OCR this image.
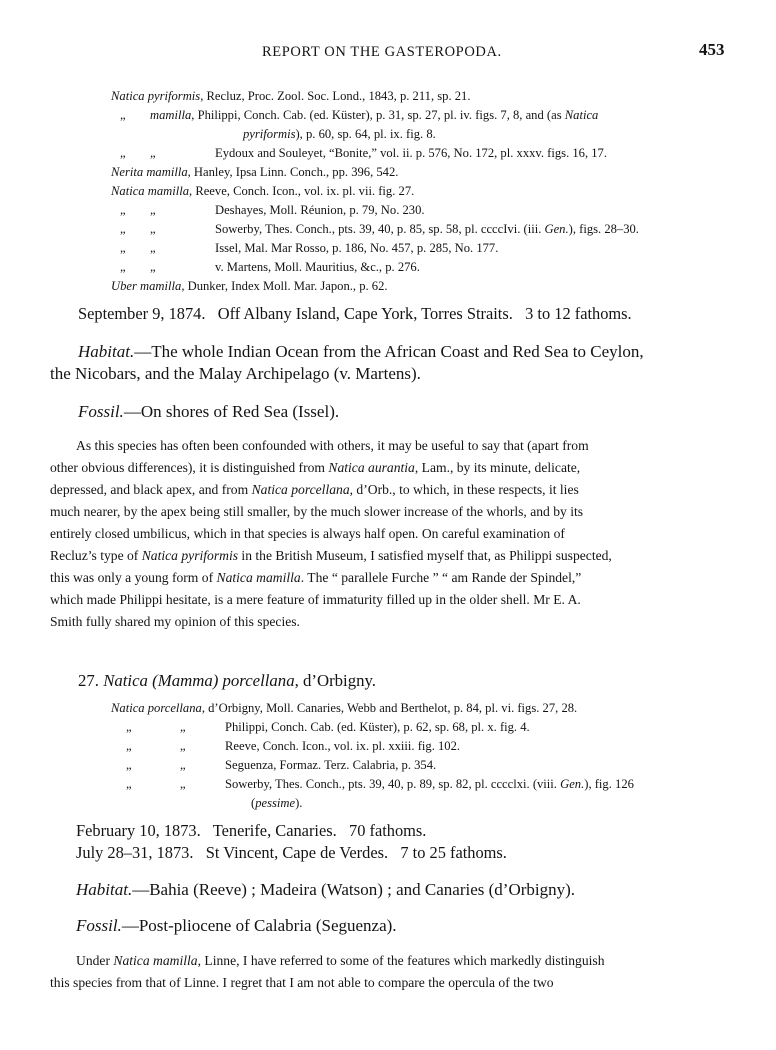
REPORT ON THE GASTEROPODA.	453
Natica pyriformis, Recluz, Proc. Zool. Soc. Lond., 1843, p. 211, sp. 21.
„ mamilla, Philippi, Conch. Cab. (ed. Küster), p. 31, sp. 27, pl. iv. figs. 7, 8, and (as Natica
pyriformis), p. 60, sp. 64, pl. ix. fig. 8.
„ „	Eydoux and Souleyet, “Bonite,” vol. ii. p. 576, No. 172, pl. xxxv. figs. 16, 17.
Nerita mamilla, Hanley, Ipsa Linn. Conch., pp. 396, 542.
Natica mamilla, Reeve, Conch. Icon., vol. ix. pl. vii. fig. 27.
„ „	Deshayes, Moll. Réunion, p. 79, No. 230.
„ „	Sowerby, Thes. Conch., pts. 39, 40, p. 85, sp. 58, pl. ccccIvi. (iii. Gen.), figs. 28–30.
„ „	Issel, Mal. Mar Rosso, p. 186, No. 457, p. 285, No. 177.
„ „	v. Martens, Moll. Mauritius, &c., p. 276.
Uber mamilla, Dunker, Index Moll. Mar. Japon., p. 62.
September 9, 1874.   Off Albany Island, Cape York, Torres Straits.   3 to 12 fathoms.
Habitat.—The whole Indian Ocean from the African Coast and Red Sea to Ceylon,
the Nicobars, and the Malay Archipelago (v. Martens).
Fossil.—On shores of Red Sea (Issel).
As this species has often been confounded with others, it may be useful to say that (apart from
other obvious differences), it is distinguished from Natica aurantia, Lam., by its minute, delicate,
depressed, and black apex, and from Natica porcellana, d’Orb., to which, in these respects, it lies
much nearer, by the apex being still smaller, by the much slower increase of the whorls, and by its
entirely closed umbilicus, which in that species is always half open. On careful examination of
Recluz’s type of Natica pyriformis in the British Museum, I satisfied myself that, as Philippi suspected,
this was only a young form of Natica mamilla. The “ parallele Furche ” “ am Rande der Spindel,”
which made Philippi hesitate, is a mere feature of immaturity filled up in the older shell. Mr E. A.
Smith fully shared my opinion of this species.
27. Natica (Mamma) porcellana, d’Orbigny.
Natica porcellana, d’Orbigny, Moll. Canaries, Webb and Berthelot, p. 84, pl. vi. figs. 27, 28.
„	„	Philippi, Conch. Cab. (ed. Küster), p. 62, sp. 68, pl. x. fig. 4.
„	„	Reeve, Conch. Icon., vol. ix. pl. xxiii. fig. 102.
„	„	Seguenza, Formaz. Terz. Calabria, p. 354.
„	„	Sowerby, Thes. Conch., pts. 39, 40, p. 89, sp. 82, pl. cccclxi. (viii. Gen.), fig. 126
(pessime).
February 10, 1873.   Tenerife, Canaries.   70 fathoms.
July 28–31, 1873.   St Vincent, Cape de Verdes.   7 to 25 fathoms.
Habitat.—Bahia (Reeve) ; Madeira (Watson) ; and Canaries (d’Orbigny).
Fossil.—Post-pliocene of Calabria (Seguenza).
Under Natica mamilla, Linne, I have referred to some of the features which markedly distinguish
this species from that of Linne. I regret that I am not able to compare the opercula of the two
